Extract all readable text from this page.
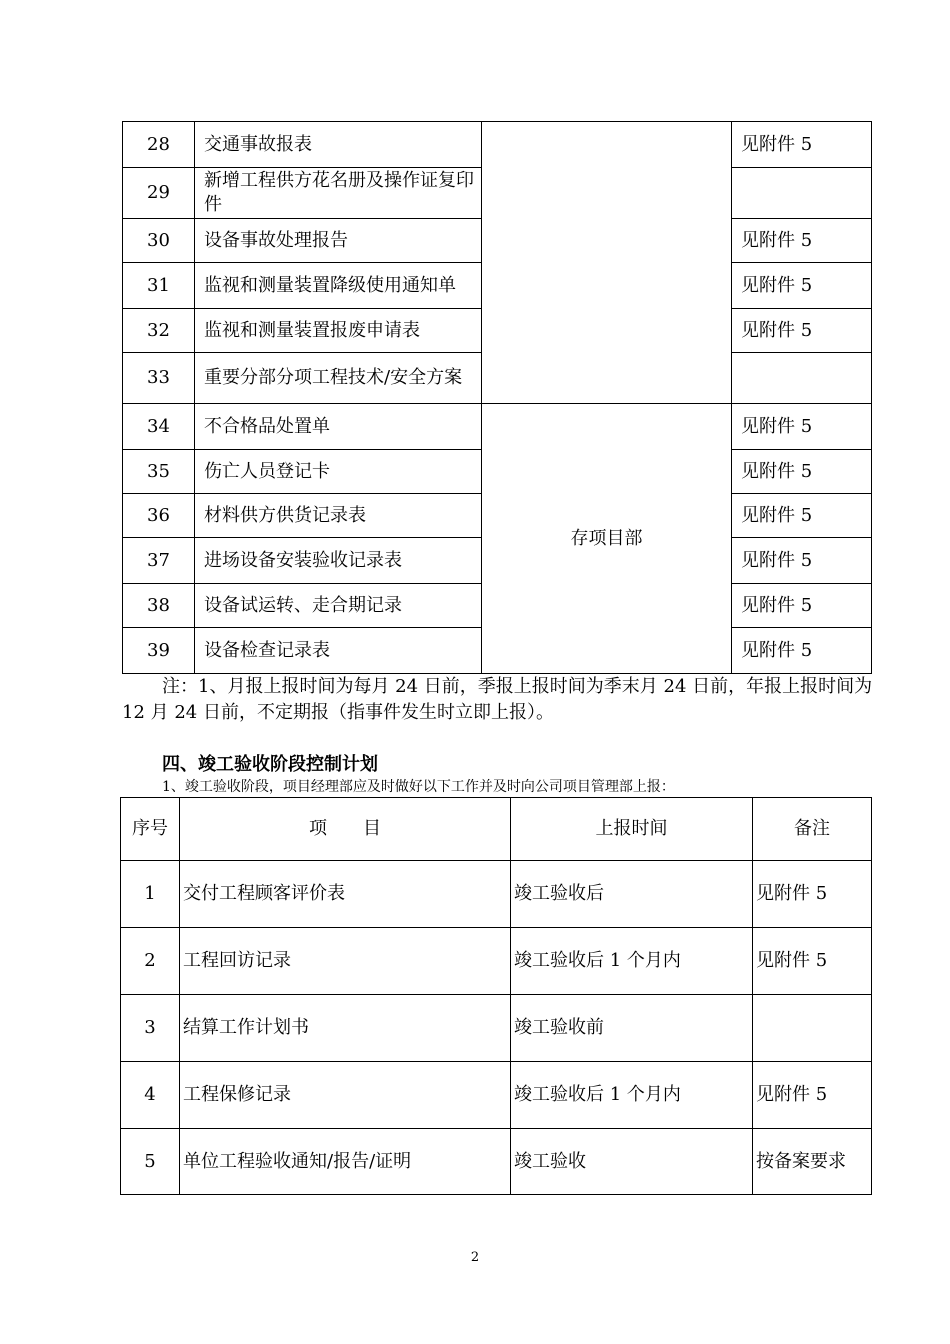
28	交通事故报表		见附件 5
29	新增工程供方花名册及操作证复印件		
30	设备事故处理报告		见附件 5
31	监视和测量装置降级使用通知单		见附件 5
32	监视和测量装置报废申请表		见附件 5
33	重要分部分项工程技术/安全方案		
34	不合格品处置单	存项目部	见附件 5
35	伤亡人员登记卡		见附件 5
36	材料供方供货记录表		见附件 5
37	进场设备安装验收记录表		见附件 5
38	设备试运转、走合期记录		见附件 5
39	设备检查记录表		见附件 5
注：1、月报上报时间为每月 24 日前，季报上报时间为季末月 24 日前，年报上报时间为 12 月 24 日前，不定期报（指事件发生时立即上报）。
四、竣工验收阶段控制计划
1、竣工验收阶段，项目经理部应及时做好以下工作并及时向公司项目管理部上报：
序号	项　　目	上报时间	备注
1	交付工程顾客评价表	竣工验收后	见附件 5
2	工程回访记录	竣工验收后 1 个月内	见附件 5
3	结算工作计划书	竣工验收前	
4	工程保修记录	竣工验收后 1 个月内	见附件 5
5	单位工程验收通知/报告/证明	竣工验收	按备案要求
2
